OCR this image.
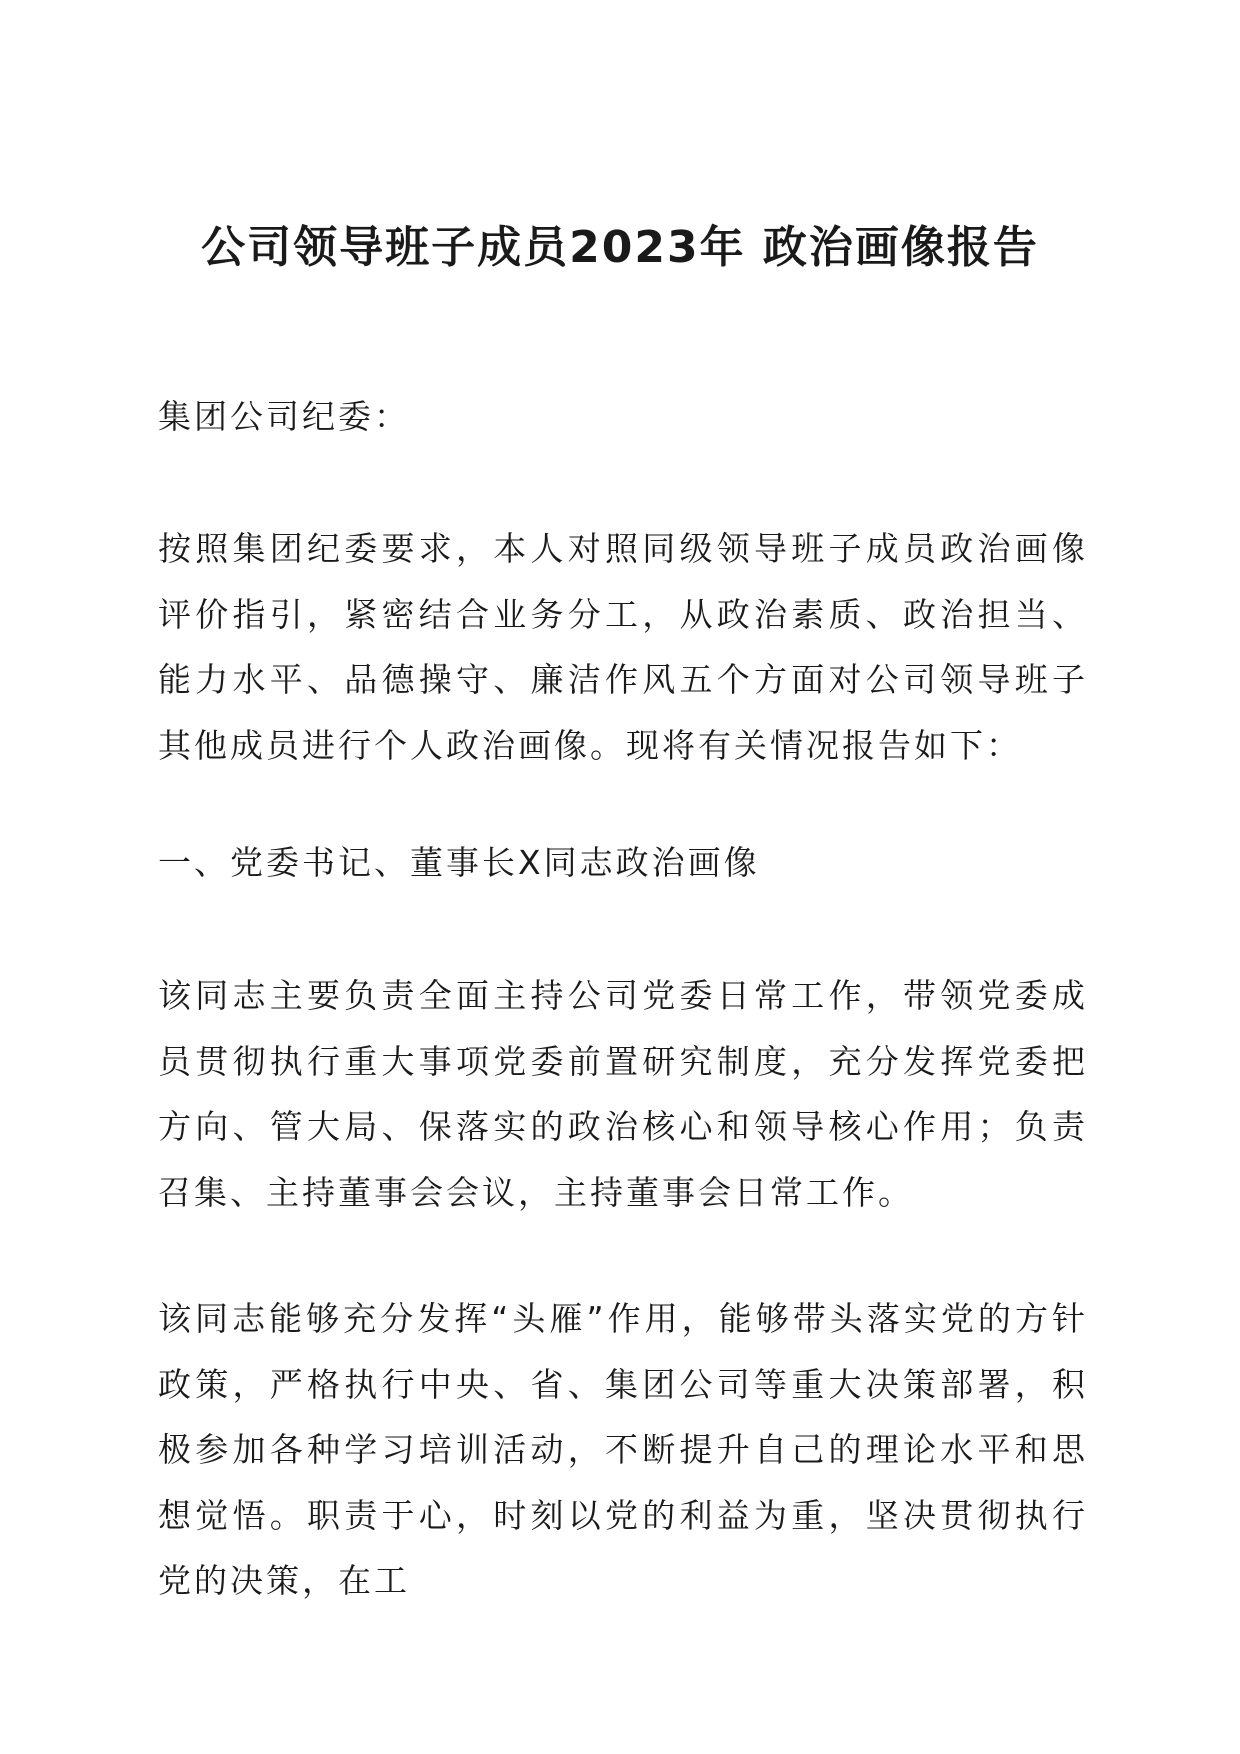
公司领导班子成员2023年 政治画像报告

集团公司纪委：

按照集团纪委要求，本人对照同级领导班子成员政治画像评价指引，紧密结合业务分工，从政治素质、政治担当、能力水平、品德操守、廉洁作风五个方面对公司领导班子其他成员进行个人政治画像。现将有关情况报告如下：

一、党委书记、董事长X同志政治画像

该同志主要负责全面主持公司党委日常工作，带领党委成员贯彻执行重大事项党委前置研究制度，充分发挥党委把方向、管大局、保落实的政治核心和领导核心作用；负责召集、主持董事会会议，主持董事会日常工作。

该同志能够充分发挥“头雁”作用，能够带头落实党的方针政策，严格执行中央、省、集团公司等重大决策部署，积极参加各种学习培训活动，不断提升自己的理论水平和思想觉悟。职责于心，时刻以党的利益为重，坚决贯彻执行党的决策，在工
